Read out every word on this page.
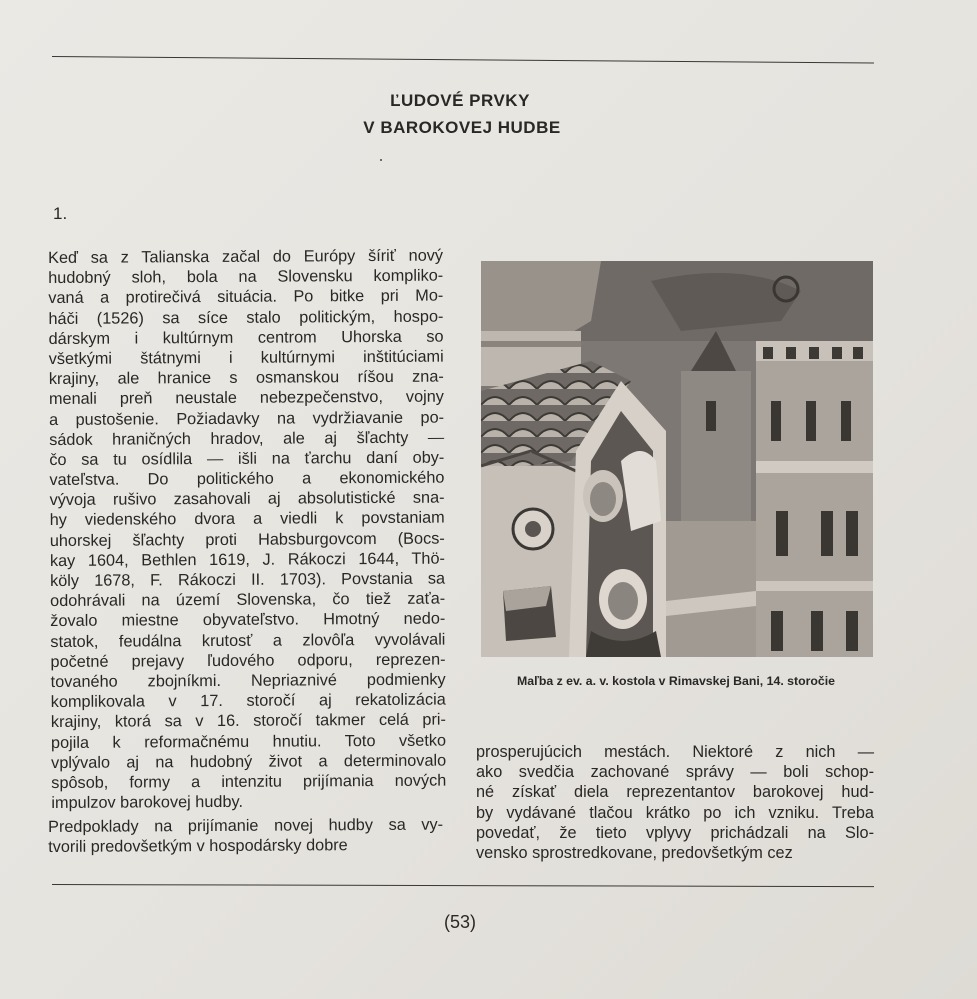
ĽUDOVÉ PRVKY
V BAROKOVEJ HUDBE
1.
Keď sa z Talianska začal do Európy šíriť nový
hudobný sloh, bola na Slovensku kompliko-
vaná a protirečivá situácia. Po bitke pri Mo-
háči (1526) sa síce stalo politickým, hospo-
dárskym i kultúrnym centrom Uhorska so
všetkými štátnymi i kultúrnymi inštitúciami
krajiny, ale hranice s osmanskou ríšou zna-
menali preň neustale nebezpečenstvo, vojny
a pustošenie. Požiadavky na vydržiavanie po-
sádok hraničných hradov, ale aj šľachty —
čo sa tu osídlila — išli na ťarchu daní oby-
vateľstva. Do politického a ekonomického
vývoja rušivo zasahovali aj absolutistické sna-
hy viedenského dvora a viedli k povstaniam
uhorskej šľachty proti Habsburgovcom (Bocs-
kay 1604, Bethlen 1619, J. Rákoczi 1644, Thö-
köly 1678, F. Rákoczi II. 1703). Povstania sa
odohrávali na území Slovenska, čo tiež zaťa-
žovalo miestne obyvateľstvo. Hmotný nedo-
statok, feudálna krutosť a zlovôľa vyvolávali
početné prejavy ľudového odporu, reprezen-
tovaného zbojníkmi. Nepriaznivé podmienky
komplikovala v 17. storočí aj rekatolizácia
krajiny, ktorá sa v 16. storočí takmer celá pri-
pojila k reformačnému hnutiu. Toto všetko
vplývalo aj na hudobný život a determinovalo
spôsob, formy a intenzitu prijímania nových
impulzov barokovej hudby.
Predpoklady na prijímanie novej hudby sa vy-
tvorili predovšetkým v hospodársky dobre
prosperujúcich mestách. Niektoré z nich —
ako svedčia zachované správy — boli schop-
né získať diela reprezentantov barokovej hud-
by vydávané tlačou krátko po ich vzniku. Treba
povedať, že tieto vplyvy prichádzali na Slo-
vensko sprostredkovane, predovšetkým cez
Maľba z ev. a. v. kostola v Rimavskej Bani, 14. storočie
(53)
